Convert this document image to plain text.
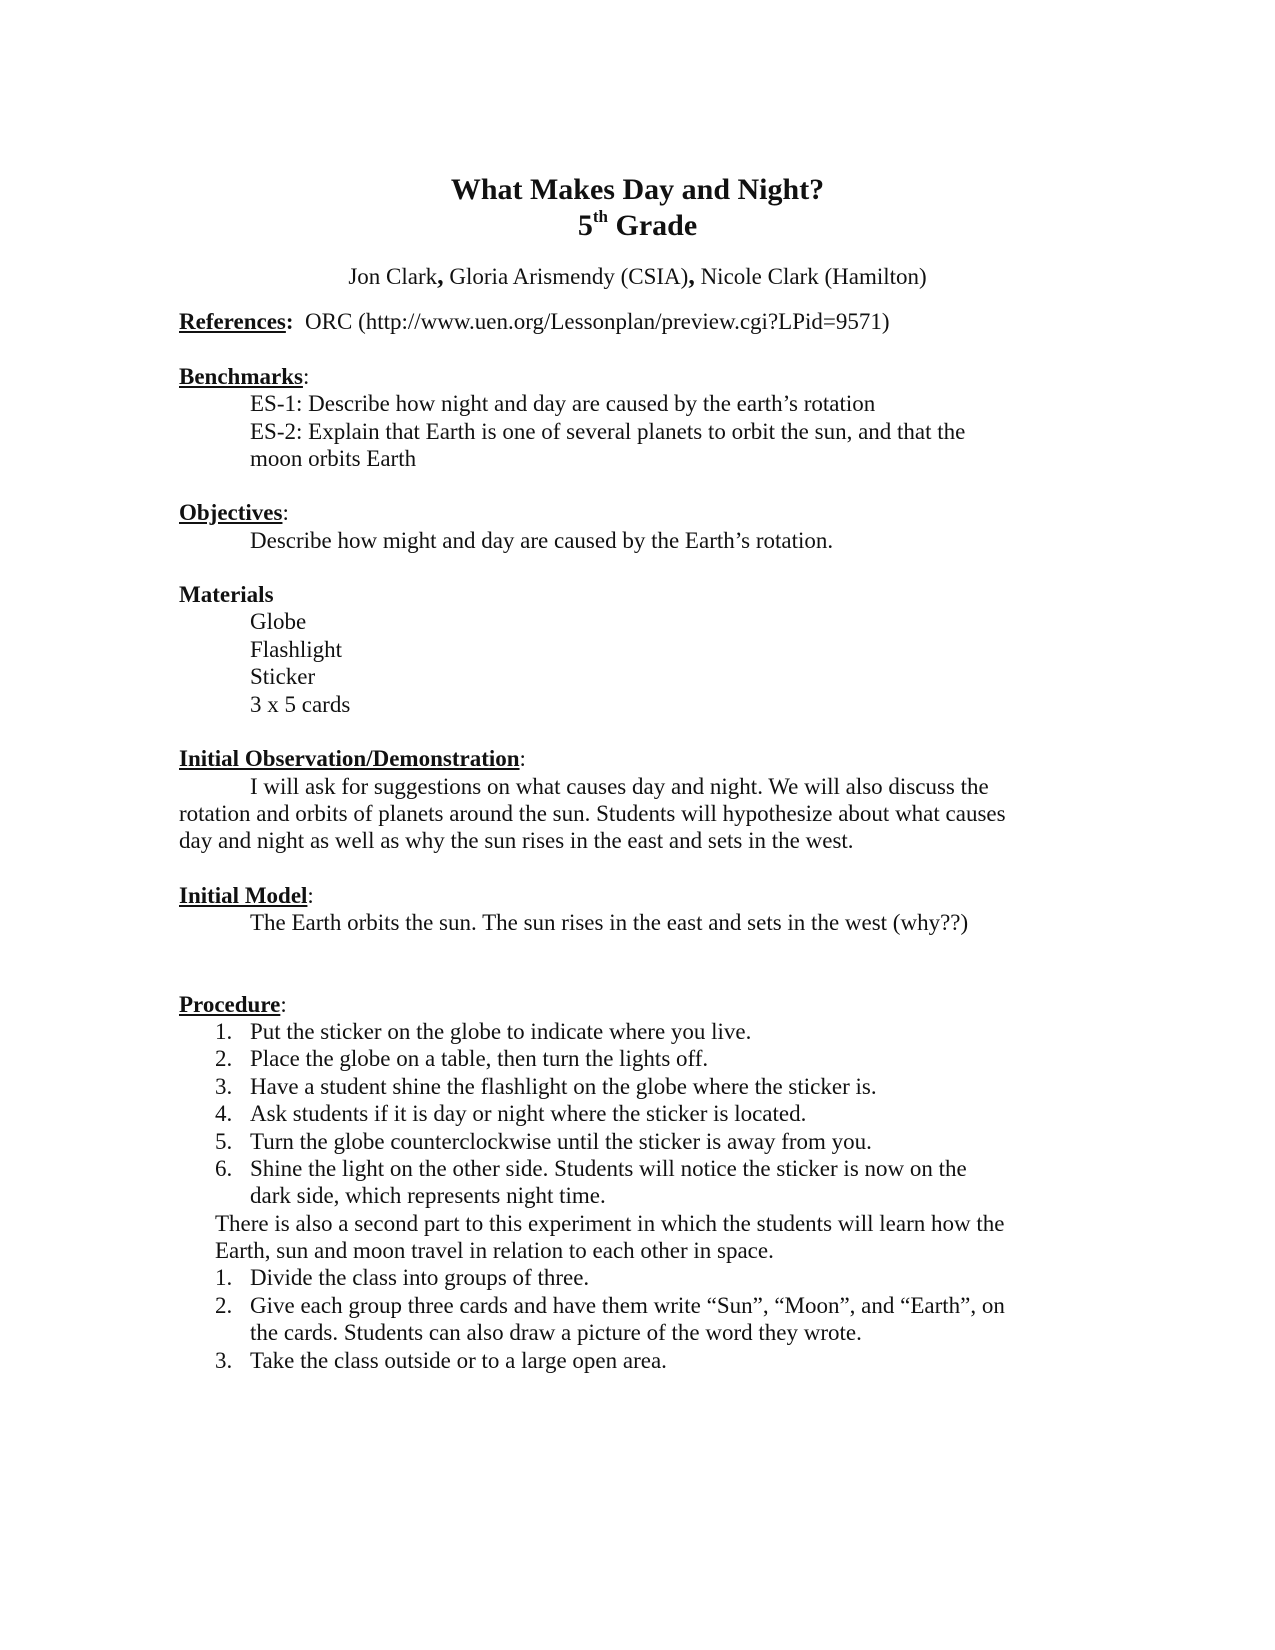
What Makes Day and Night?
5th Grade
Jon Clark, Gloria Arismendy (CSIA), Nicole Clark (Hamilton)
References: ORC (http://www.uen.org/Lessonplan/preview.cgi?LPid=9571)
Benchmarks:
ES-1: Describe how night and day are caused by the earth’s rotation
ES-2: Explain that Earth is one of several planets to orbit the sun, and that the
moon orbits Earth
Objectives:
Describe how might and day are caused by the Earth’s rotation.
Materials
Globe
Flashlight
Sticker
3 x 5 cards
Initial Observation/Demonstration:
I will ask for suggestions on what causes day and night. We will also discuss the
rotation and orbits of planets around the sun. Students will hypothesize about what causes
day and night as well as why the sun rises in the east and sets in the west.
Initial Model:
The Earth orbits the sun. The sun rises in the east and sets in the west (why??)
Procedure:
1. Put the sticker on the globe to indicate where you live.
2. Place the globe on a table, then turn the lights off.
3. Have a student shine the flashlight on the globe where the sticker is.
4. Ask students if it is day or night where the sticker is located.
5. Turn the globe counterclockwise until the sticker is away from you.
6. Shine the light on the other side. Students will notice the sticker is now on the
dark side, which represents night time.
There is also a second part to this experiment in which the students will learn how the
Earth, sun and moon travel in relation to each other in space.
1. Divide the class into groups of three.
2. Give each group three cards and have them write “Sun”, “Moon”, and “Earth”, on
the cards. Students can also draw a picture of the word they wrote.
3. Take the class outside or to a large open area.
